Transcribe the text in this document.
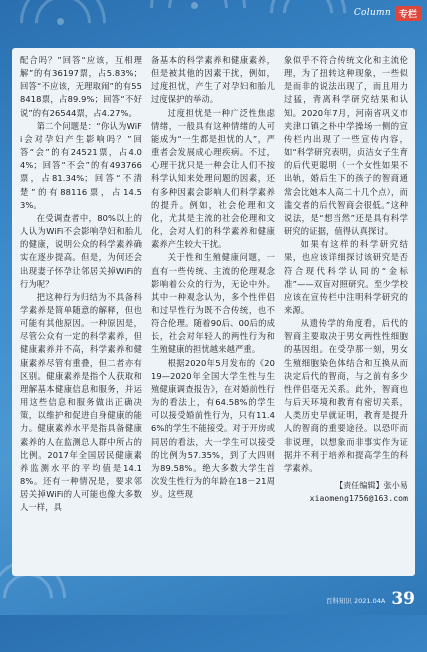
Column 专栏

配合吗？”回答“应该，互相理解”的有36197票，占5.83%；回答“不应该，无理取闹”的有558418票，占89.9%；回答“不好说”的有26544票，占4.27%。

第二个问题是：“你认为WiFi会对孕妇产生影响吗？”回答“会”的有24521票，占4.04%；回答“不会”的有493766票，占81.34%；回答“不清楚”的有88116票，占14.53%。

在受调查者中，80%以上的人认为WiFi不会影响孕妇和胎儿的健康，说明公众的科学素养确实在逐步提高。但是，为何还会出现妻子怀孕让邻居关掉WiFi的行为呢？

把这种行为归结为不具备科学素养是简单随意的解释，但也可能有其他原因。一种原因是，尽管公众有一定的科学素养，但健康素养并不高，科学素养和健康素养尽管有重叠，但二者亦有区别。健康素养是指个人获取和理解基本健康信息和服务，并运用这些信息和服务做出正确决策，以维护和促进自身健康的能力。健康素养水平是指具备健康素养的人在监测总人群中所占的比例。2017年全国居民健康素养监测水平的平均值是14.18%。还有一种情况是，要求邻居关掉WiFi的人可能也像大多数人一样，具

备基本的科学素养和健康素养，但是被其他的因素干扰，例如，过度担忧，产生了对孕妇和胎儿过度保护的举动。

过度担忧是一种广泛性焦虑情绪，一般具有这种情绪的人可能成为“一生都是担忧的人”，严重者会发展成心理疾病。不过，心理干扰只是一种会让人们不按科学认知来处理问题的因素，还有多种因素会影响人们科学素养的提升。例如，社会伦理和文化，尤其是主流的社会伦理和文化，会对人们的科学素养和健康素养产生较大干扰。

关于性和生殖健康问题，一直有一些传统、主流的伦理观念影响着公众的行为，无论中外。其中一种观念认为，多个性伴侣和过早性行为既不合传统，也不符合伦理。随着90后、00后的成长，社会对年轻人的两性行为和生殖健康的担忧越来越严重。

根据2020年5月发布的《2019—2020年全国大学生性与生殖健康调查报告》，在对婚前性行为的看法上，有64.58%的学生可以接受婚前性行为，只有11.46%的学生不能接受。对于开房或同居的看法，大一学生可以接受的比例为57.35%，到了大四则为89.58%。绝大多数大学生首次发生性行为的年龄在18－21周岁。这些现

象似乎不符合传统文化和主流伦理，为了扭转这种现象，一些似是而非的说法出现了，而且用力过猛，背离科学研究结果和认知。2020年7月，河南省巩义市夹津口镇之朴中学操场一侧的宣传栏内出现了一些宣传内容，如“科学研究表明，贞洁女子生育的后代更聪明（一个女性如果不出轨，婚后生下的孩子的智商通常会比她本人高二十几个点），而滥交者的后代智商会很低。”这种说法，是“想当然”还是具有科学研究的证据，值得认真探讨。

如果有这样的科学研究结果，也应该详细探讨该研究是否符合现代科学认同的“金标准”——双盲对照研究。至少学校应该在宣传栏中注明科学研究的来源。

从遗传学的角度看，后代的智商主要取决于男女两性性细胞的基因组。在受孕那一刻，男女生殖细胞染色体结合和互换从而决定后代的智商，与之前有多少性伴侣毫无关系。此外，智商也与后天环境和教育有密切关系，人类历史早就证明，教育是提升人的智商的重要途径。以恐吓而非说理，以想象而非事实作为证据并不利于培养和提高学生的科学素养。

【责任编辑】张小易

xiaomeng1756@163.com

百科知识 2021.04A 39
